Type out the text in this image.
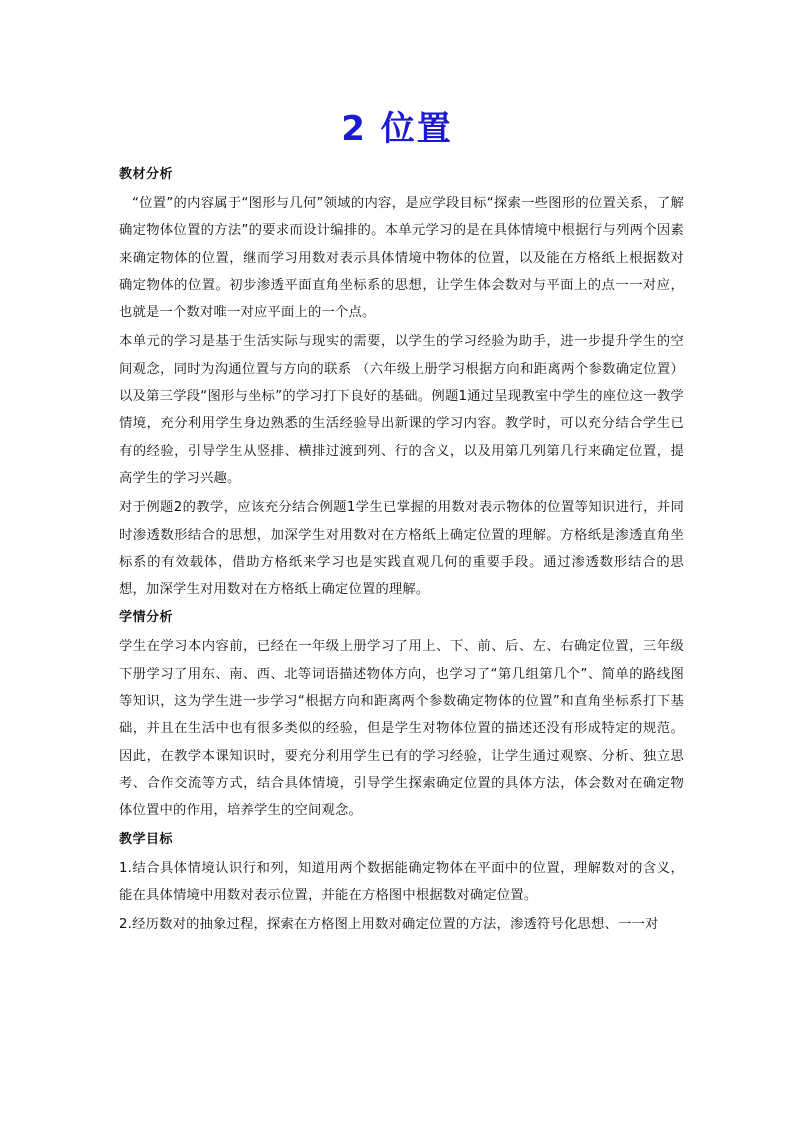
2 位置
教材分析

“位置”的内容属于“图形与几何”领域的内容，是应学段目标“探索一些图形的位置关系，了解确定物体位置的方法”的要求而设计编排的。本单元学习的是在具体情境中根据行与列两个因素来确定物体的位置，继而学习用数对表示具体情境中物体的位置，以及能在方格纸上根据数对确定物体的位置。初步渗透平面直角坐标系的思想，让学生体会数对与平面上的点一一对应，也就是一个数对唯一对应平面上的一个点。

本单元的学习是基于生活实际与现实的需要，以学生的学习经验为助手，进一步提升学生的空间观念，同时为沟通位置与方向的联系 （六年级上册学习根据方向和距离两个参数确定位置）以及第三学段“图形与坐标”的学习打下良好的基础。例题1通过呈现教室中学生的座位这一教学情境，充分利用学生身边熟悉的生活经验导出新课的学习内容。教学时，可以充分结合学生已有的经验，引导学生从竖排、横排过渡到列、行的含义，以及用第几列第几行来确定位置，提高学生的学习兴趣。

对于例题2的教学，应该充分结合例题1学生已掌握的用数对表示物体的位置等知识进行，并同时渗透数形结合的思想，加深学生对用数对在方格纸上确定位置的理解。方格纸是渗透直角坐标系的有效载体，借助方格纸来学习也是实践直观几何的重要手段。通过渗透数形结合的思想，加深学生对用数对在方格纸上确定位置的理解。

学情分析

学生在学习本内容前，已经在一年级上册学习了用上、下、前、后、左、右确定位置，三年级下册学习了用东、南、西、北等词语描述物体方向，也学习了“第几组第几个”、简单的路线图等知识，这为学生进一步学习“根据方向和距离两个参数确定物体的位置”和直角坐标系打下基础，并且在生活中也有很多类似的经验，但是学生对物体位置的描述还没有形成特定的规范。因此，在教学本课知识时，要充分利用学生已有的学习经验，让学生通过观察、分析、独立思考、合作交流等方式，结合具体情境，引导学生探索确定位置的具体方法，体会数对在确定物体位置中的作用，培养学生的空间观念。

教学目标

1.结合具体情境认识行和列，知道用两个数据能确定物体在平面中的位置，理解数对的含义，能在具体情境中用数对表示位置，并能在方格图中根据数对确定位置。

2.经历数对的抽象过程，探索在方格图上用数对确定位置的方法，渗透符号化思想、一一对
